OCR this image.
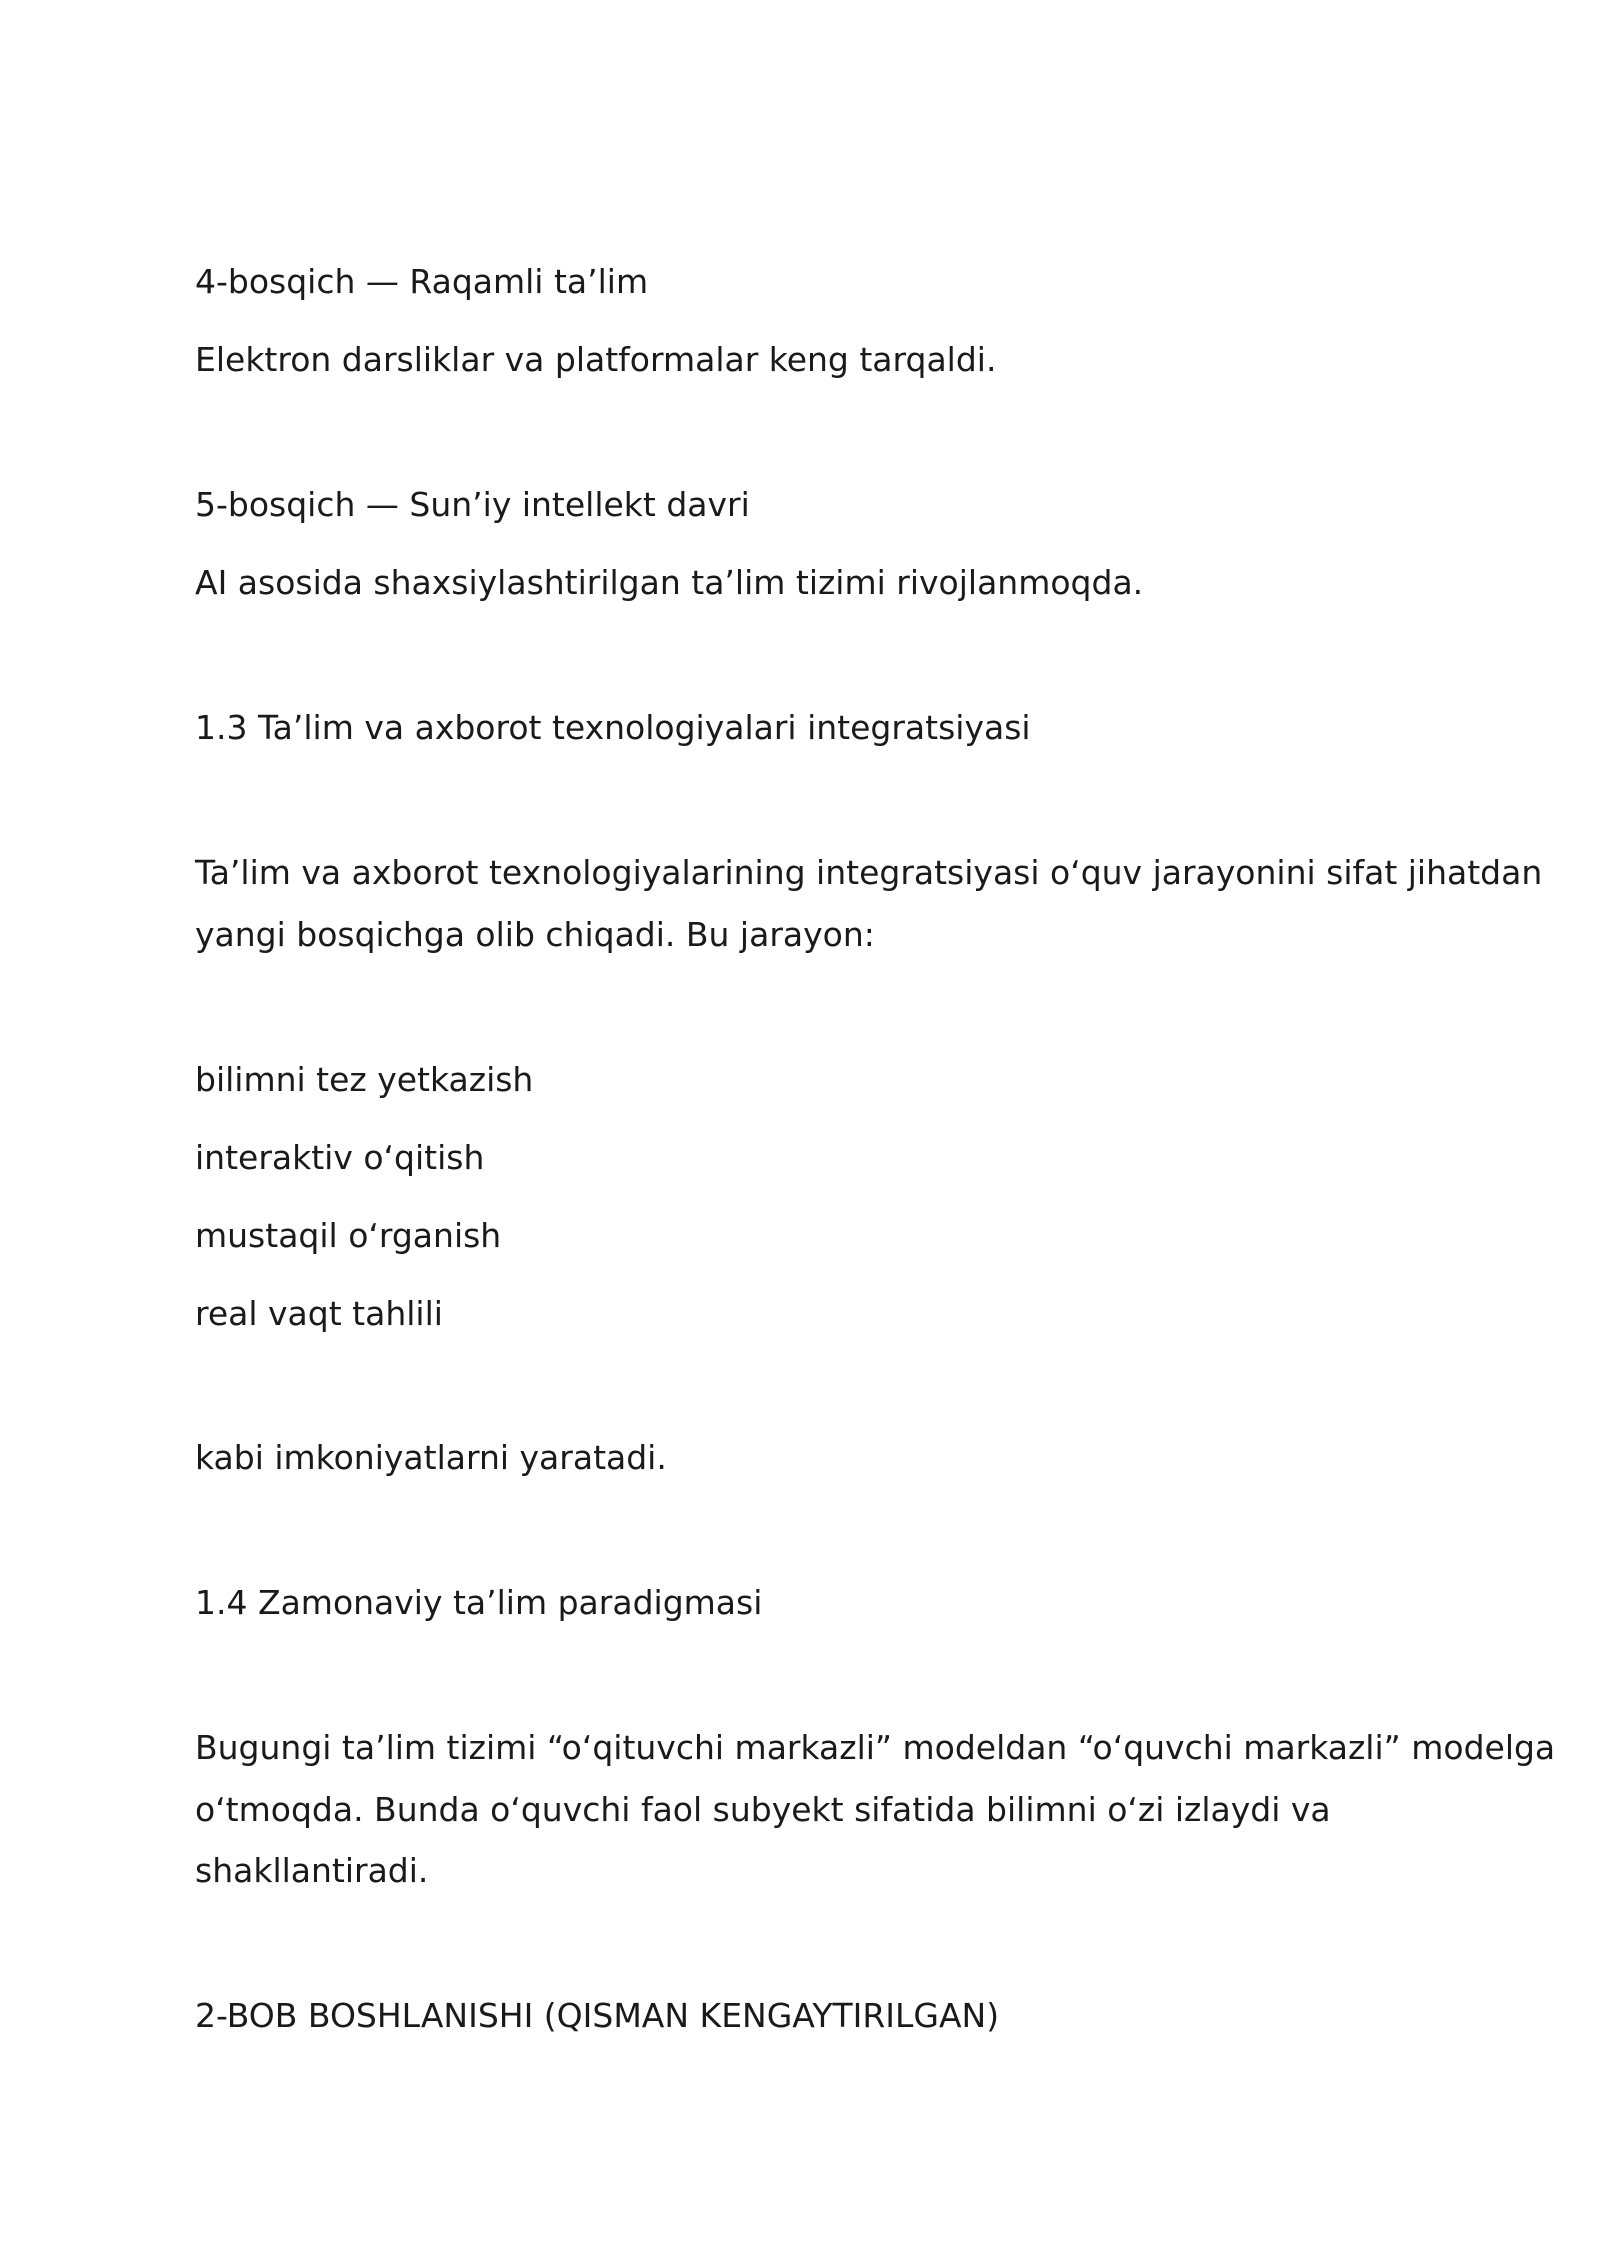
4-bosqich — Raqamli ta’lim

Elektron darsliklar va platformalar keng tarqaldi.

5-bosqich — Sun’iy intellekt davri

AI asosida shaxsiylashtirilgan ta’lim tizimi rivojlanmoqda.

1.3 Ta’lim va axborot texnologiyalari integratsiyasi

Ta’lim va axborot texnologiyalarining integratsiyasi o‘quv jarayonini sifat jihatdan

yangi bosqichga olib chiqadi. Bu jarayon:

bilimni tez yetkazish

interaktiv o‘qitish

mustaqil o‘rganish

real vaqt tahlili

kabi imkoniyatlarni yaratadi.

1.4 Zamonaviy ta’lim paradigmasi

Bugungi ta’lim tizimi “o‘qituvchi markazli” modeldan “o‘quvchi markazli” modelga

o‘tmoqda. Bunda o‘quvchi faol subyekt sifatida bilimni o‘zi izlaydi va

shakllantiradi.

2-BOB BOSHLANISHI (QISMAN KENGAYTIRILGAN)
